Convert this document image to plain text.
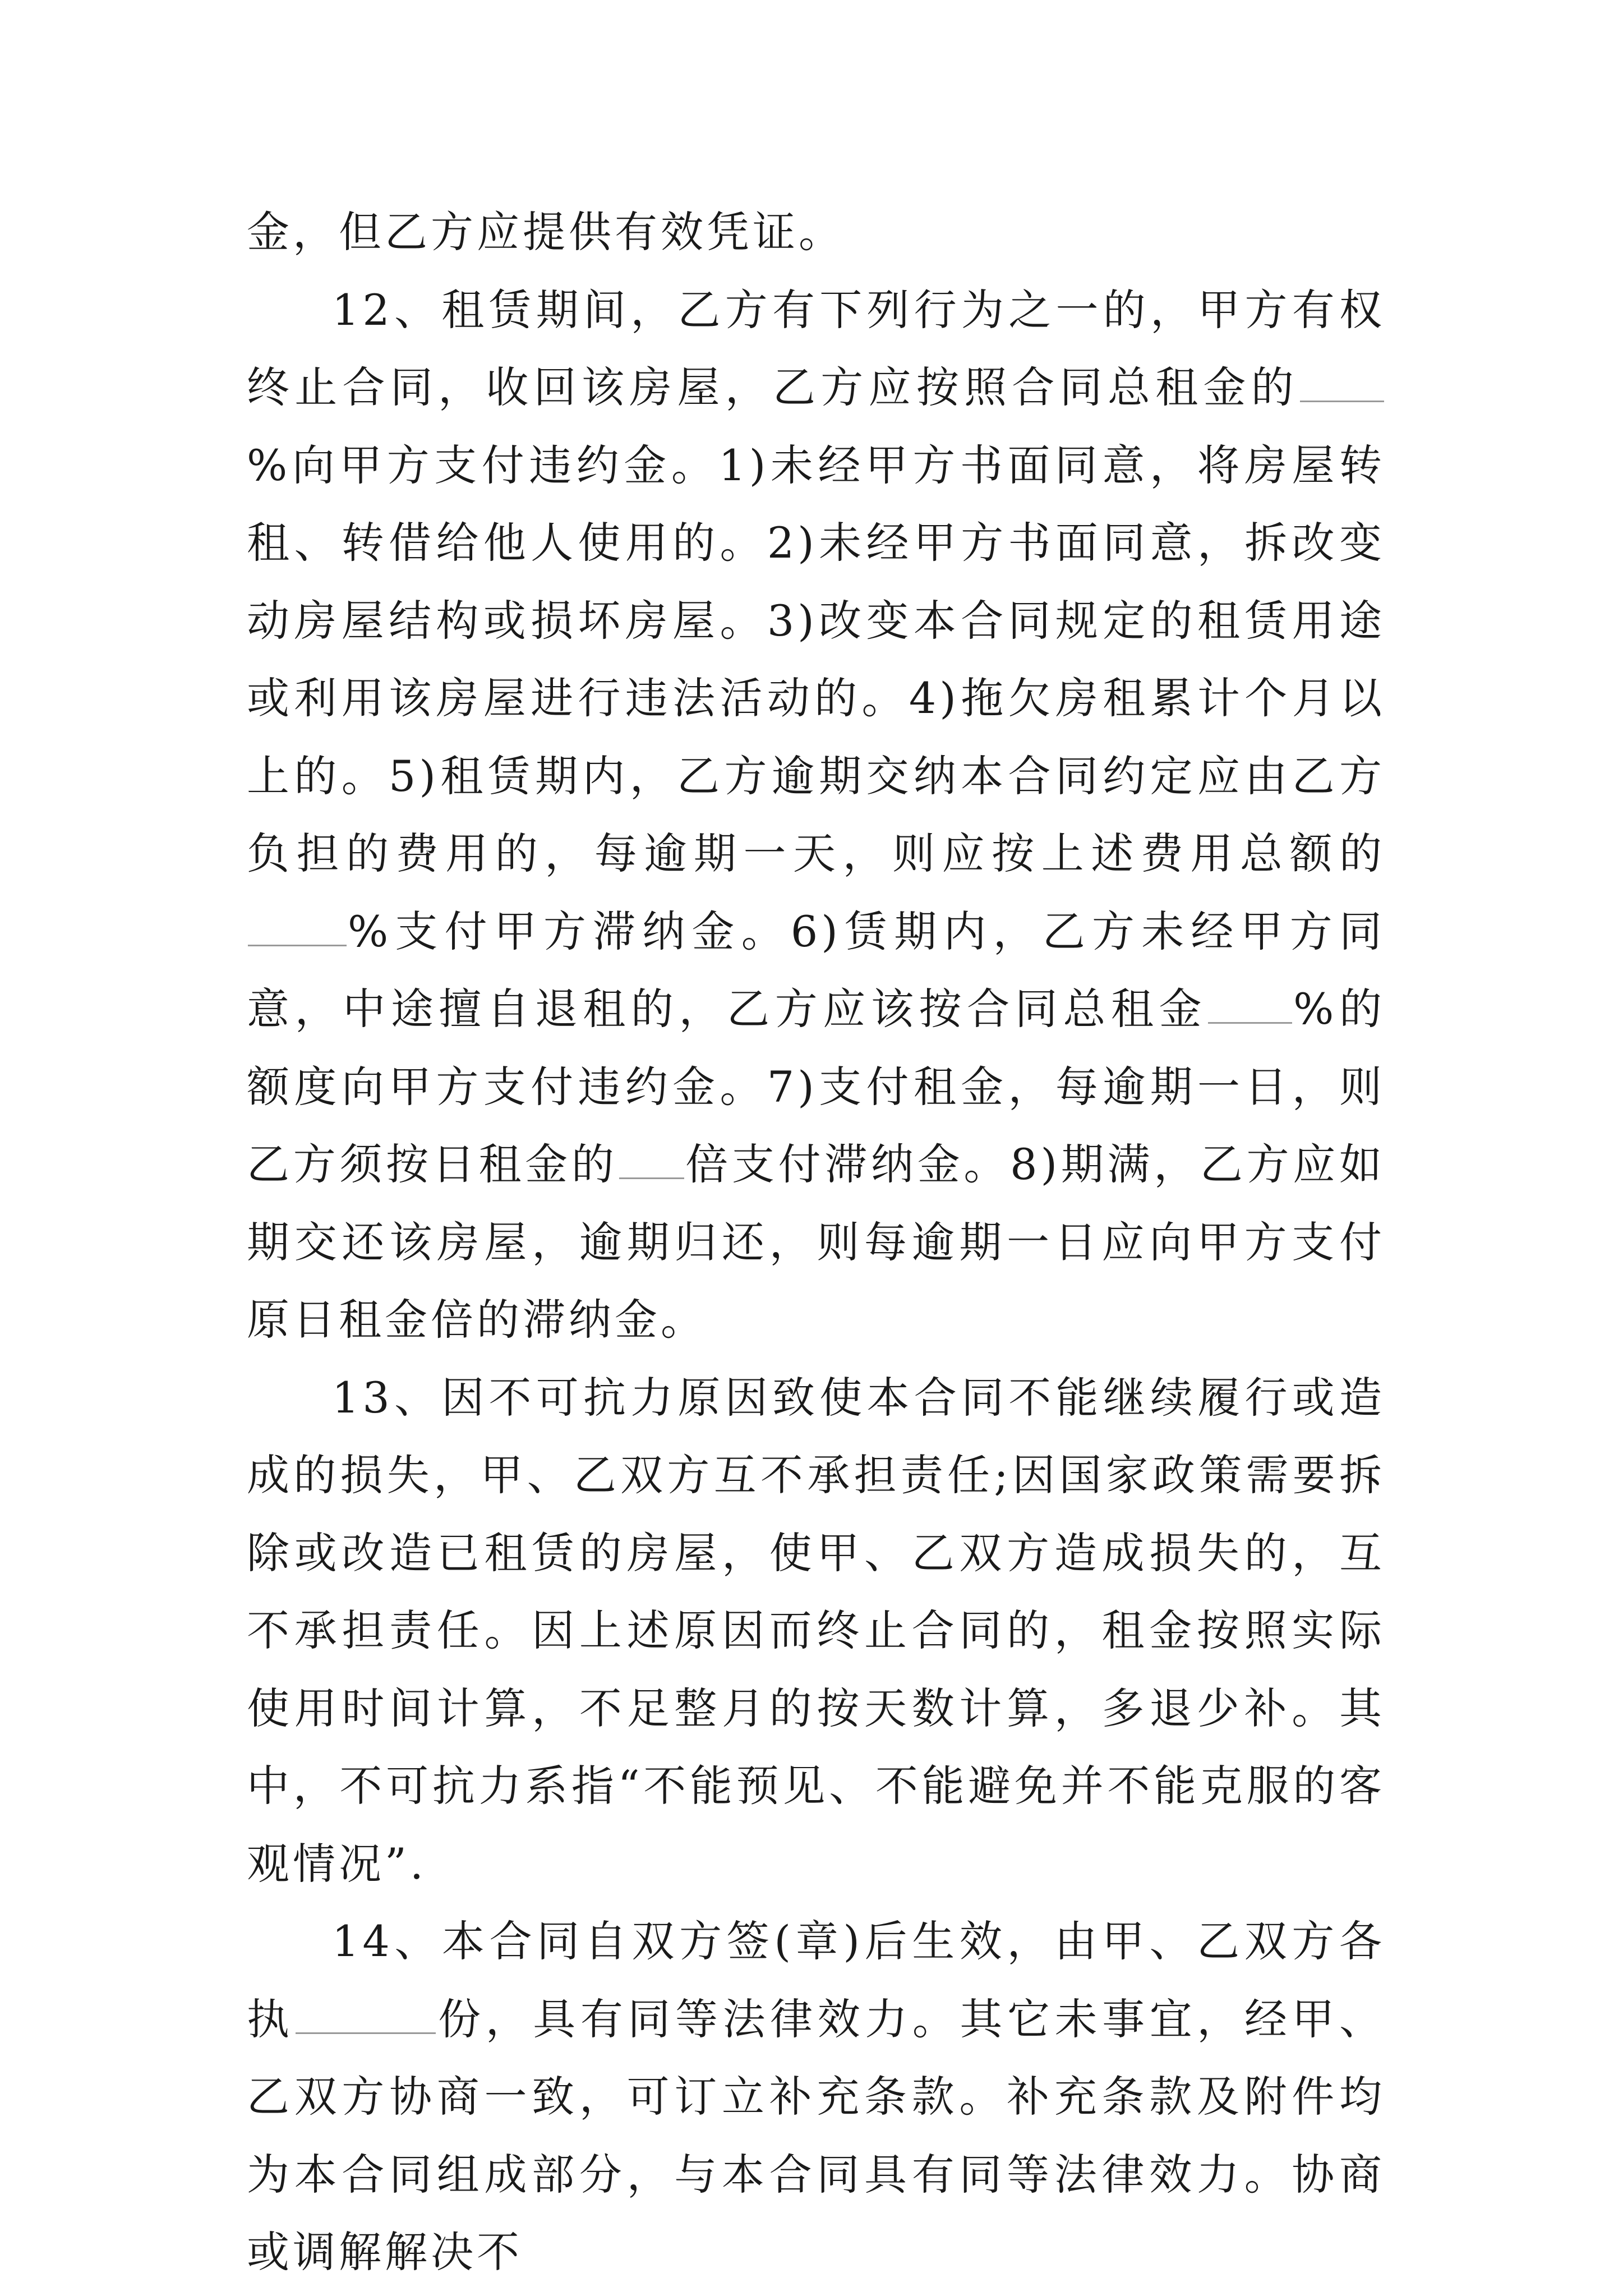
金，但乙方应提供有效凭证。

12、租赁期间，乙方有下列行为之一的，甲方有权终止合同，收回该房屋，乙方应按照合同总租金的%向甲方支付违约金。1)未经甲方书面同意，将房屋转租、转借给他人使用的。2)未经甲方书面同意，拆改变动房屋结构或损坏房屋。3)改变本合同规定的租赁用途或利用该房屋进行违法活动的。4)拖欠房租累计个月以上的。5)租赁期内，乙方逾期交纳本合同约定应由乙方负担的费用的，每逾期一天，则应按上述费用总额的%支付甲方滞纳金。6)赁期内，乙方未经甲方同意，中途擅自退租的，乙方应该按合同总租金 %的额度向甲方支付违约金。7)支付租金，每逾期一日，则乙方须按日租金的 倍支付滞纳金。8)期满，乙方应如期交还该房屋，逾期归还，则每逾期一日应向甲方支付原日租金倍的滞纳金。

13、因不可抗力原因致使本合同不能继续履行或造成的损失，甲、乙双方互不承担责任;因国家政策需要拆除或改造已租赁的房屋，使甲、乙双方造成损失的，互不承担责任。因上述原因而终止合同的，租金按照实际使用时间计算，不足整月的按天数计算，多退少补。其中，不可抗力系指“不能预见、不能避免并不能克服的客观情况”.

14、本合同自双方签(章)后生效，由甲、乙双方各执	份，具有同等法律效力。其它未事宜，经甲、乙双方协商一致，可订立补充条款。补充条款及附件均为本合同组成部分，与本合同具有同等法律效力。协商或调解解决不
